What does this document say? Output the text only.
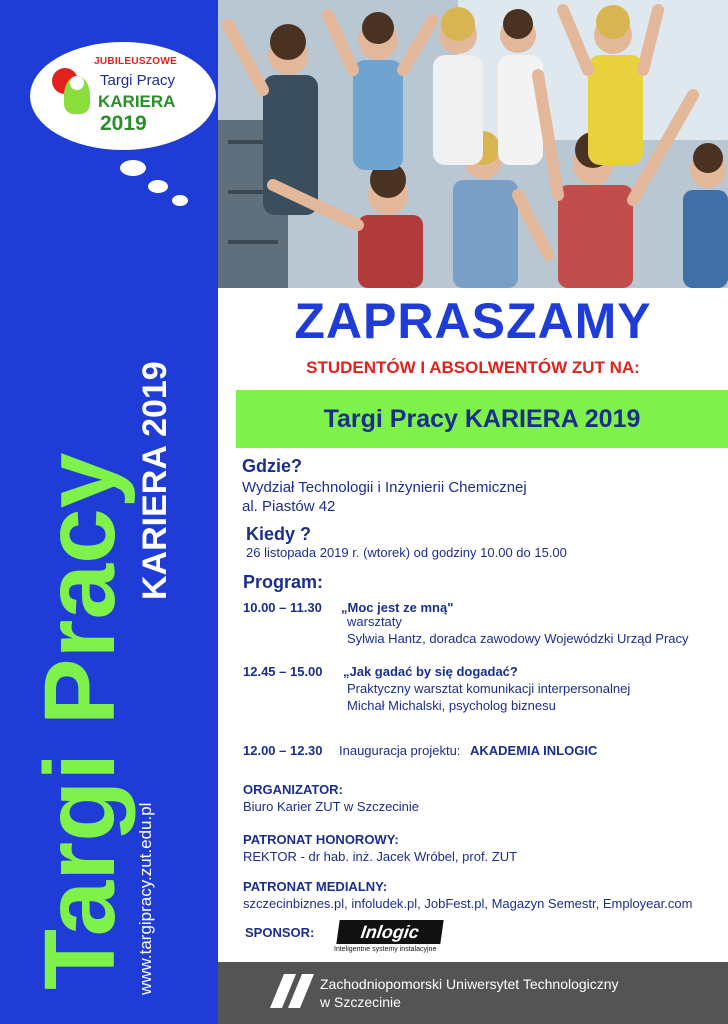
JUBILEUSZOWE
Targi Pracy
KARIERA
2019
Targi Pracy KARIERA 2019
www.targipracy.zut.edu.pl
ZAPRASZAMY
STUDENTÓW I ABSOLWENTÓW ZUT NA:
Targi Pracy KARIERA 2019
Gdzie?
Wydział Technologii i Inżynierii Chemicznej
al. Piastów 42
Kiedy ?
26 listopada 2019 r. (wtorek) od godziny 10.00 do 15.00
Program:
10.00 – 11.30 „Moc jest ze mną"
warsztaty
Sylwia Hantz, doradca zawodowy Wojewódzki Urząd Pracy
12.45 – 15.00 „Jak gadać by się dogadać?
Praktyczny warsztat komunikacji interpersonalnej
Michał Michalski, psycholog biznesu
12.00 – 12.30 Inauguracja projektu: AKADEMIA INLOGIC
ORGANIZATOR:
Biuro Karier ZUT w Szczecinie
PATRONAT HONOROWY:
REKTOR - dr hab. inż. Jacek Wróbel, prof. ZUT
PATRONAT MEDIALNY:
szczecinbiznes.pl, infoludek.pl, JobFest.pl, Magazyn Semestr, Employear.com
SPONSOR:	Inlogic
Inteligentne systemy instalacyjne
Zachodniopomorski Uniwersytet Technologiczny
w Szczecinie
